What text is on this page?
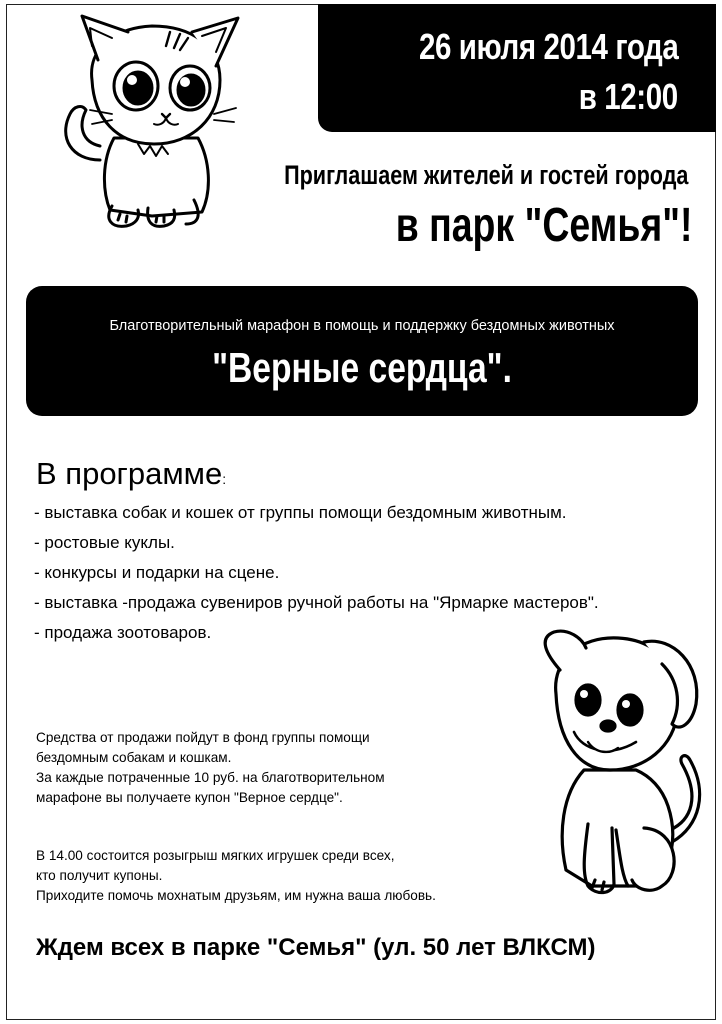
26 июля 2014 года
в 12:00
Приглашаем жителей и гостей города
в парк "Семья"!
Благотворительный марафон в помощь и поддержку бездомных животных
"Верные сердца".
В программе:
- выставка собак и кошек от группы помощи бездомным животным.
- ростовые куклы.
- конкурсы и подарки на сцене.
- выставка -продажа сувениров ручной работы на "Ярмарке мастеров".
- продажа зоотоваров.
Средства от продажи пойдут в фонд группы помощи
бездомным собакам и кошкам.
За каждые потраченные 10 руб. на благотворительном
марафоне вы получаете купон "Верное сердце".
В 14.00 состоится розыгрыш мягких игрушек среди всех,
кто получит купоны.
Приходите помочь мохнатым друзьям, им нужна ваша любовь.
Ждем всех в парке "Семья" (ул. 50 лет ВЛКСМ)
